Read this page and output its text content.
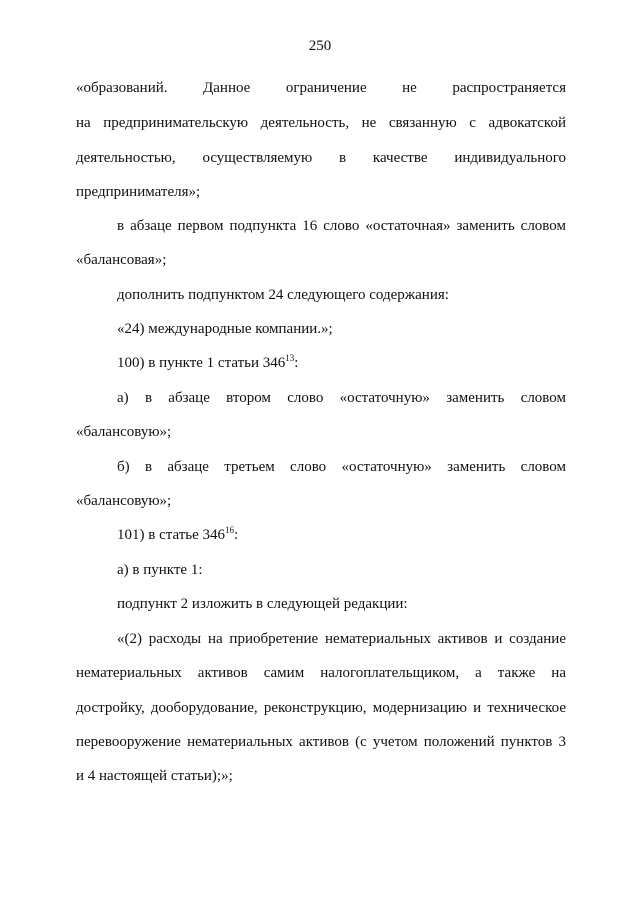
250
«образований. Данное ограничение не распространяется
на предпринимательскую деятельность, не связанную с адвокатской
деятельностью, осуществляемую в качестве индивидуального
предпринимателя»;
в абзаце первом подпункта 16 слово «остаточная» заменить словом
«балансовая»;
дополнить подпунктом 24 следующего содержания:
«24) международные компании.»;
100) в пункте 1 статьи $346^{13}$:
а) в абзаце втором слово «остаточную» заменить словом
«балансовую»;
б) в абзаце третьем слово «остаточную» заменить словом
«балансовую»;
101) в статье $346^{16}$:
а) в пункте 1:
подпункт 2 изложить в следующей редакции:
«(2) расходы на приобретение нематериальных активов и создание
нематериальных активов самим налогоплательщиком, а также на
достройку, дооборудование, реконструкцию, модернизацию и техническое
перевооружение нематериальных активов (с учетом положений пунктов 3
и 4 настоящей статьи);»;
